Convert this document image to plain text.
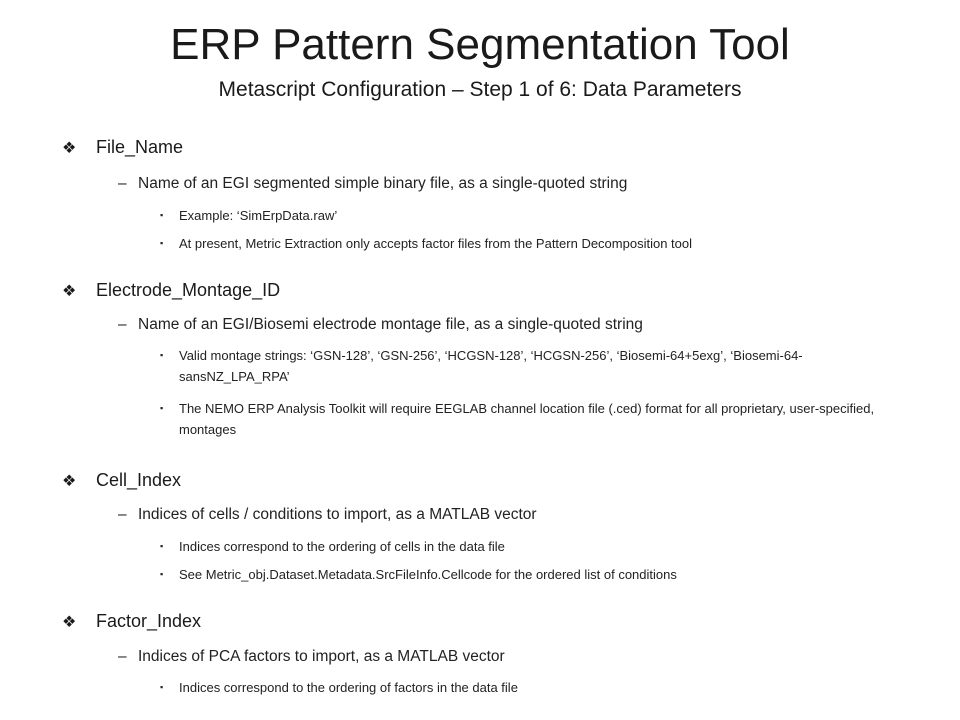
ERP Pattern Segmentation Tool
Metascript Configuration – Step 1 of 6: Data Parameters
❖ File_Name
– Name of an EGI segmented simple binary file, as a single-quoted string
▪	Example: ‘SimErpData.raw’
▪	At present, Metric Extraction only accepts factor files from the Pattern Decomposition tool
❖ Electrode_Montage_ID
– Name of an EGI/Biosemi electrode montage file, as a single-quoted string
▪	Valid montage strings: ‘GSN-128’, ‘GSN-256’, ‘HCGSN-128’, ‘HCGSN-256’, ‘Biosemi-64+5exg’, ‘Biosemi-64-sansNZ_LPA_RPA’
▪	The NEMO ERP Analysis Toolkit will require EEGLAB channel location file (.ced) format for all proprietary, user-specified, montages
❖ Cell_Index
– Indices of cells / conditions to import, as a MATLAB vector
▪	Indices correspond to the ordering of cells in the data file
▪	See Metric_obj.Dataset.Metadata.SrcFileInfo.Cellcode for the ordered list of conditions
❖ Factor_Index
– Indices of PCA factors to import, as a MATLAB vector
▪	Indices correspond to the ordering of factors in the data file
